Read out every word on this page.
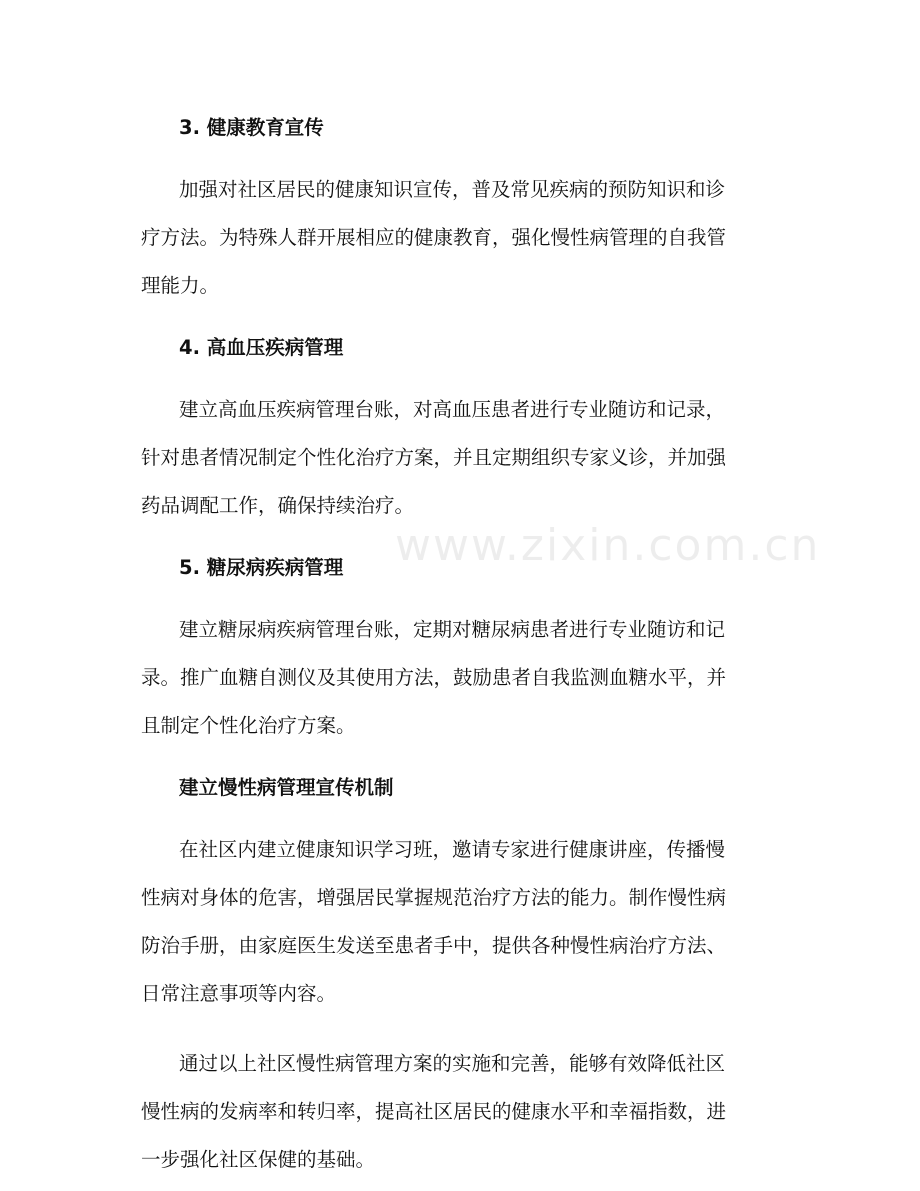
www.zixin.com.cn
3. 健康教育宣传

加强对社区居民的健康知识宣传，普及常见疾病的预防知识和诊
疗方法。为特殊人群开展相应的健康教育，强化慢性病管理的自我管
理能力。

4. 高血压疾病管理

建立高血压疾病管理台账，对高血压患者进行专业随访和记录，
针对患者情况制定个性化治疗方案，并且定期组织专家义诊，并加强
药品调配工作，确保持续治疗。

5. 糖尿病疾病管理

建立糖尿病疾病管理台账，定期对糖尿病患者进行专业随访和记
录。推广血糖自测仪及其使用方法，鼓励患者自我监测血糖水平，并
且制定个性化治疗方案。

建立慢性病管理宣传机制

在社区内建立健康知识学习班，邀请专家进行健康讲座，传播慢
性病对身体的危害，增强居民掌握规范治疗方法的能力。制作慢性病
防治手册，由家庭医生发送至患者手中，提供各种慢性病治疗方法、
日常注意事项等内容。

通过以上社区慢性病管理方案的实施和完善，能够有效降低社区
慢性病的发病率和转归率，提高社区居民的健康水平和幸福指数，进
一步强化社区保健的基础。
